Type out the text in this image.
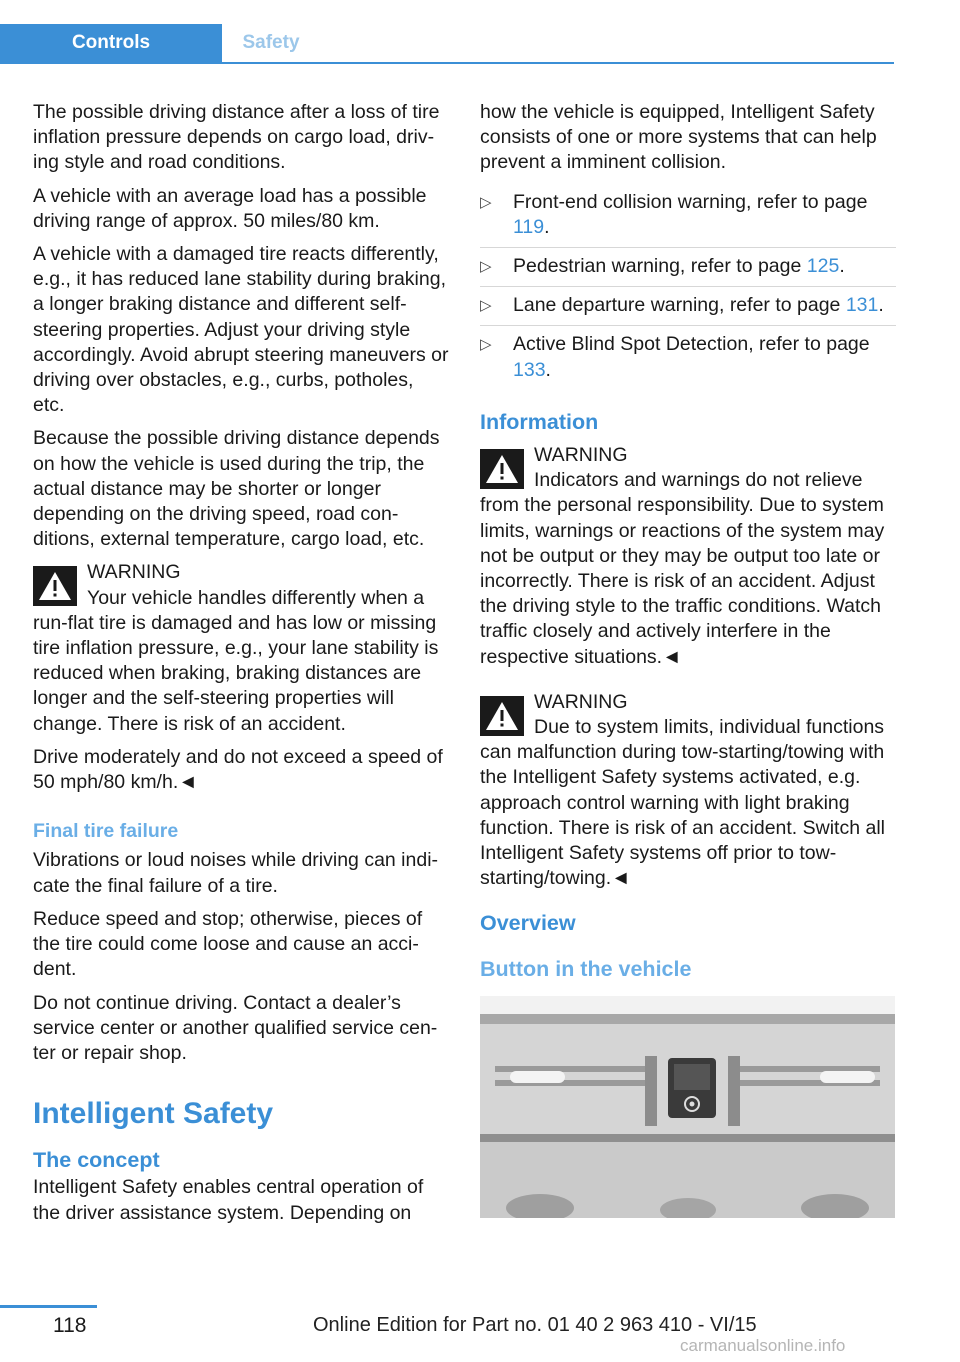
Controls	Safety

The possible driving distance after a loss of tire inflation pressure depends on cargo load, driving style and road conditions.

A vehicle with an average load has a possible driving range of approx. 50 miles/80 km.

A vehicle with a damaged tire reacts differently, e.g., it has reduced lane stability during braking, a longer braking distance and different self-steering properties. Adjust your driving style accordingly. Avoid abrupt steering maneuvers or driving over obstacles, e.g., curbs, potholes, etc.

Because the possible driving distance depends on how the vehicle is used during the trip, the actual distance may be shorter or longer depending on the driving speed, road conditions, external temperature, cargo load, etc.

WARNING

Your vehicle handles differently when a run-flat tire is damaged and has low or missing tire inflation pressure, e.g., your lane stability is reduced when braking, braking distances are longer and the self-steering properties will change. There is risk of an accident.

Drive moderately and do not exceed a speed of 50 mph/80 km/h.◄

Final tire failure

Vibrations or loud noises while driving can indicate the final failure of a tire.

Reduce speed and stop; otherwise, pieces of the tire could come loose and cause an accident.

Do not continue driving. Contact a dealer’s service center or another qualified service center or repair shop.

Intelligent Safety
The concept

Intelligent Safety enables central operation of the driver assistance system. Depending on

how the vehicle is equipped, Intelligent Safety consists of one or more systems that can help prevent a imminent collision.

▷ Front-end collision warning, refer to page 119.
▷ Pedestrian warning, refer to page 125.
▷ Lane departure warning, refer to page 131.
▷ Active Blind Spot Detection, refer to page 133.
Information

WARNING

Indicators and warnings do not relieve from the personal responsibility. Due to system limits, warnings or reactions of the system may not be output or they may be output too late or incorrectly. There is risk of an accident. Adjust the driving style to the traffic conditions. Watch traffic closely and actively interfere in the respective situations.◄

WARNING

Due to system limits, individual functions can malfunction during tow-starting/towing with the Intelligent Safety systems activated, e.g. approach control warning with light braking function. There is risk of an accident. Switch all Intelligent Safety systems off prior to tow-starting/towing.◄

Overview
Button in the vehicle
118	Online Edition for Part no. 01 40 2 963 410 - VI/15
carmanualsonline.info
